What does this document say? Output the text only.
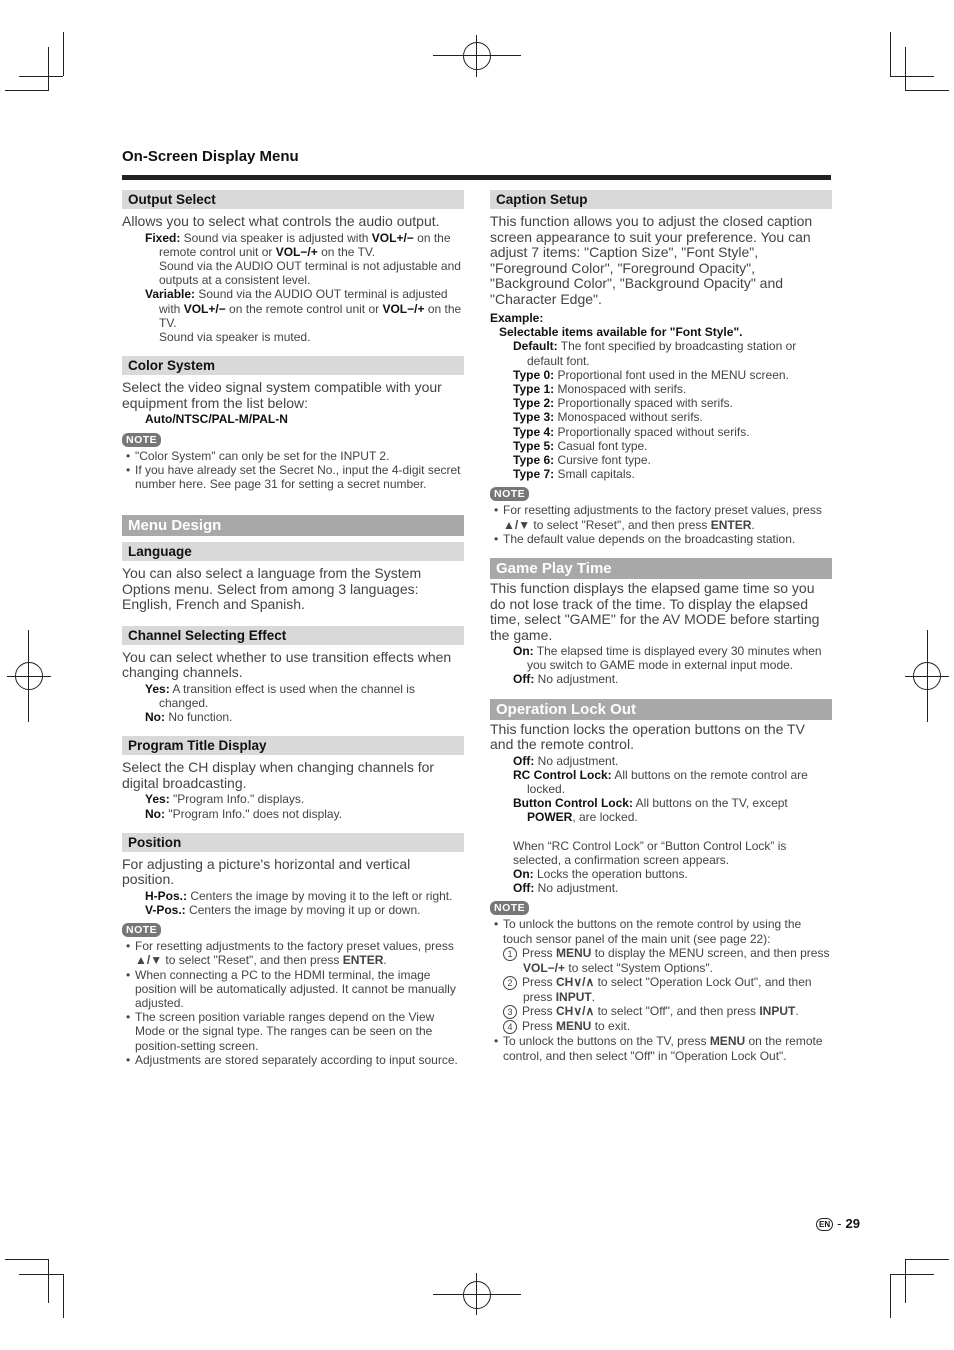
On-Screen Display Menu
Output Select
Allows you to select what controls the audio output.
Fixed: Sound via speaker is adjusted with VOL+/− on the remote control unit or VOL−/+ on the TV.
Sound via the AUDIO OUT terminal is not adjustable and outputs at a consistent level.
Variable: Sound via the AUDIO OUT terminal is adjusted with VOL+/− on the remote control unit or VOL−/+ on the TV.
Sound via speaker is muted.
Color System
Select the video signal system compatible with your equipment from the list below:
Auto/NTSC/PAL-M/PAL-N
NOTE
• "Color System" can only be set for the INPUT 2.
• If you have already set the Secret No., input the 4-digit secret number here. See page 31 for setting a secret number.
Menu Design
Language
You can also select a language from the System Options menu. Select from among 3 languages: English, French and Spanish.
Channel Selecting Effect
You can select whether to use transition effects when changing channels.
Yes: A transition effect is used when the channel is changed.
No: No function.
Program Title Display
Select the CH display when changing channels for digital broadcasting.
Yes: "Program Info." displays.
No: "Program Info." does not display.
Position
For adjusting a picture's horizontal and vertical position.
H-Pos.: Centers the image by moving it to the left or right.
V-Pos.: Centers the image by moving it up or down.
NOTE
• For resetting adjustments to the factory preset values, press ▲/▼ to select "Reset", and then press ENTER.
• When connecting a PC to the HDMI terminal, the image position will be automatically adjusted. It cannot be manually adjusted.
• The screen position variable ranges depend on the View Mode or the signal type. The ranges can be seen on the position-setting screen.
• Adjustments are stored separately according to input source.
Caption Setup
This function allows you to adjust the closed caption screen appearance to suit your preference. You can adjust 7 items: "Caption Size", "Font Style", "Foreground Color", "Foreground Opacity", "Background Color", "Background Opacity" and "Character Edge".
Example:
Selectable items available for "Font Style".
Default: The font specified by broadcasting station or default font.
Type 0: Proportional font used in the MENU screen.
Type 1: Monospaced with serifs.
Type 2: Proportionally spaced with serifs.
Type 3: Monospaced without serifs.
Type 4: Proportionally spaced without serifs.
Type 5: Casual font type.
Type 6: Cursive font type.
Type 7: Small capitals.
NOTE
• For resetting adjustments to the factory preset values, press ▲/▼ to select "Reset", and then press ENTER.
• The default value depends on the broadcasting station.
Game Play Time
This function displays the elapsed game time so you do not lose track of the time. To display the elapsed time, select "GAME" for the AV MODE before starting the game.
On: The elapsed time is displayed every 30 minutes when you switch to GAME mode in external input mode.
Off: No adjustment.
Operation Lock Out
This function locks the operation buttons on the TV and the remote control.
Off: No adjustment.
RC Control Lock: All buttons on the remote control are locked.
Button Control Lock: All buttons on the TV, except POWER, are locked.
When “RC Control Lock” or “Button Control Lock” is selected, a confirmation screen appears.
On: Locks the operation buttons.
Off: No adjustment.
NOTE
• To unlock the buttons on the remote control by using the touch sensor panel of the main unit (see page 22):
1 Press MENU to display the MENU screen, and then press VOL−/+ to select "System Options".
2 Press CH∨/∧ to select "Operation Lock Out", and then press INPUT.
3 Press CH∨/∧ to select "Off", and then press INPUT.
4 Press MENU to exit.
• To unlock the buttons on the TV, press MENU on the remote control, and then select "Off" in "Operation Lock Out".
EN - 29
